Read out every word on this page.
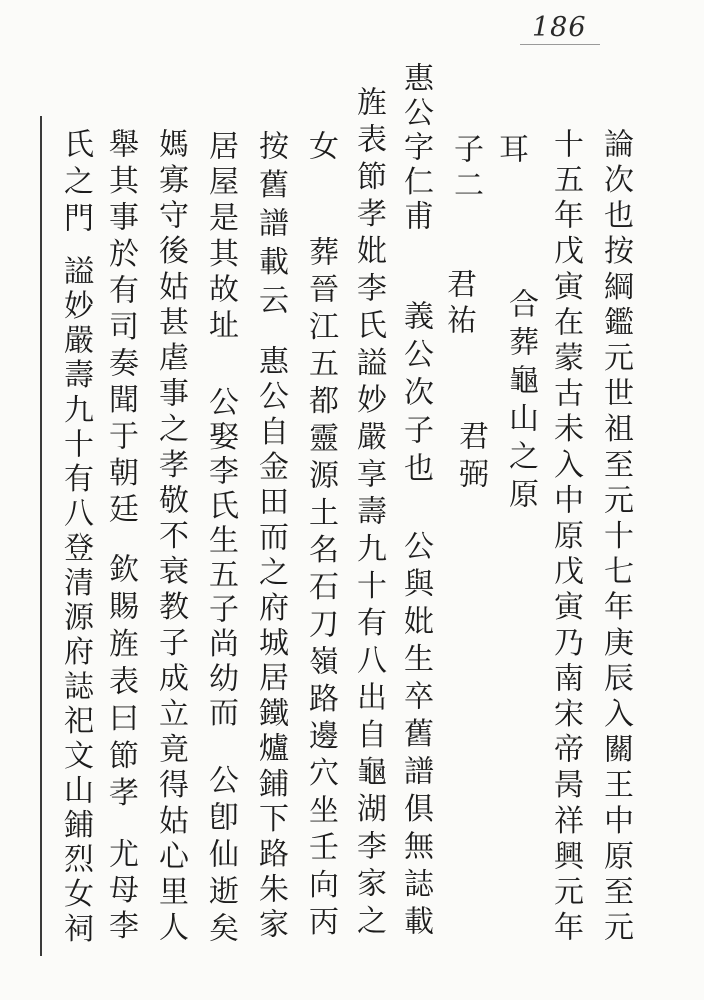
186
論次也按綱鑑元世祖至元十七年庚辰入關王中原至元
十五年戊寅在蒙古未入中原戊寅乃南宋帝昺祥興元年
耳
合葬龜山之原
子二
君祐
君弼
惠公字仁甫
義公次子也
公與妣生卒舊譜俱無誌載
旌表節孝妣李氏謚妙嚴享壽九十有八出自龜湖李家之
女
葬晉江五都靈源土名石刀嶺路邊穴坐壬向丙
按舊譜載云
惠公自金田而之府城居鐵爐鋪下路朱家
居屋是其故址
公娶李氏生五子尚幼而
公卽仙逝矣
媽寡守後姑甚虐事之孝敬不衰教子成立竟得姑心里人
舉其事於有司奏聞于朝廷
欽賜旌表曰節孝
尤母李
氏之門
謚妙嚴壽九十有八登清源府誌祀文山鋪烈女祠
